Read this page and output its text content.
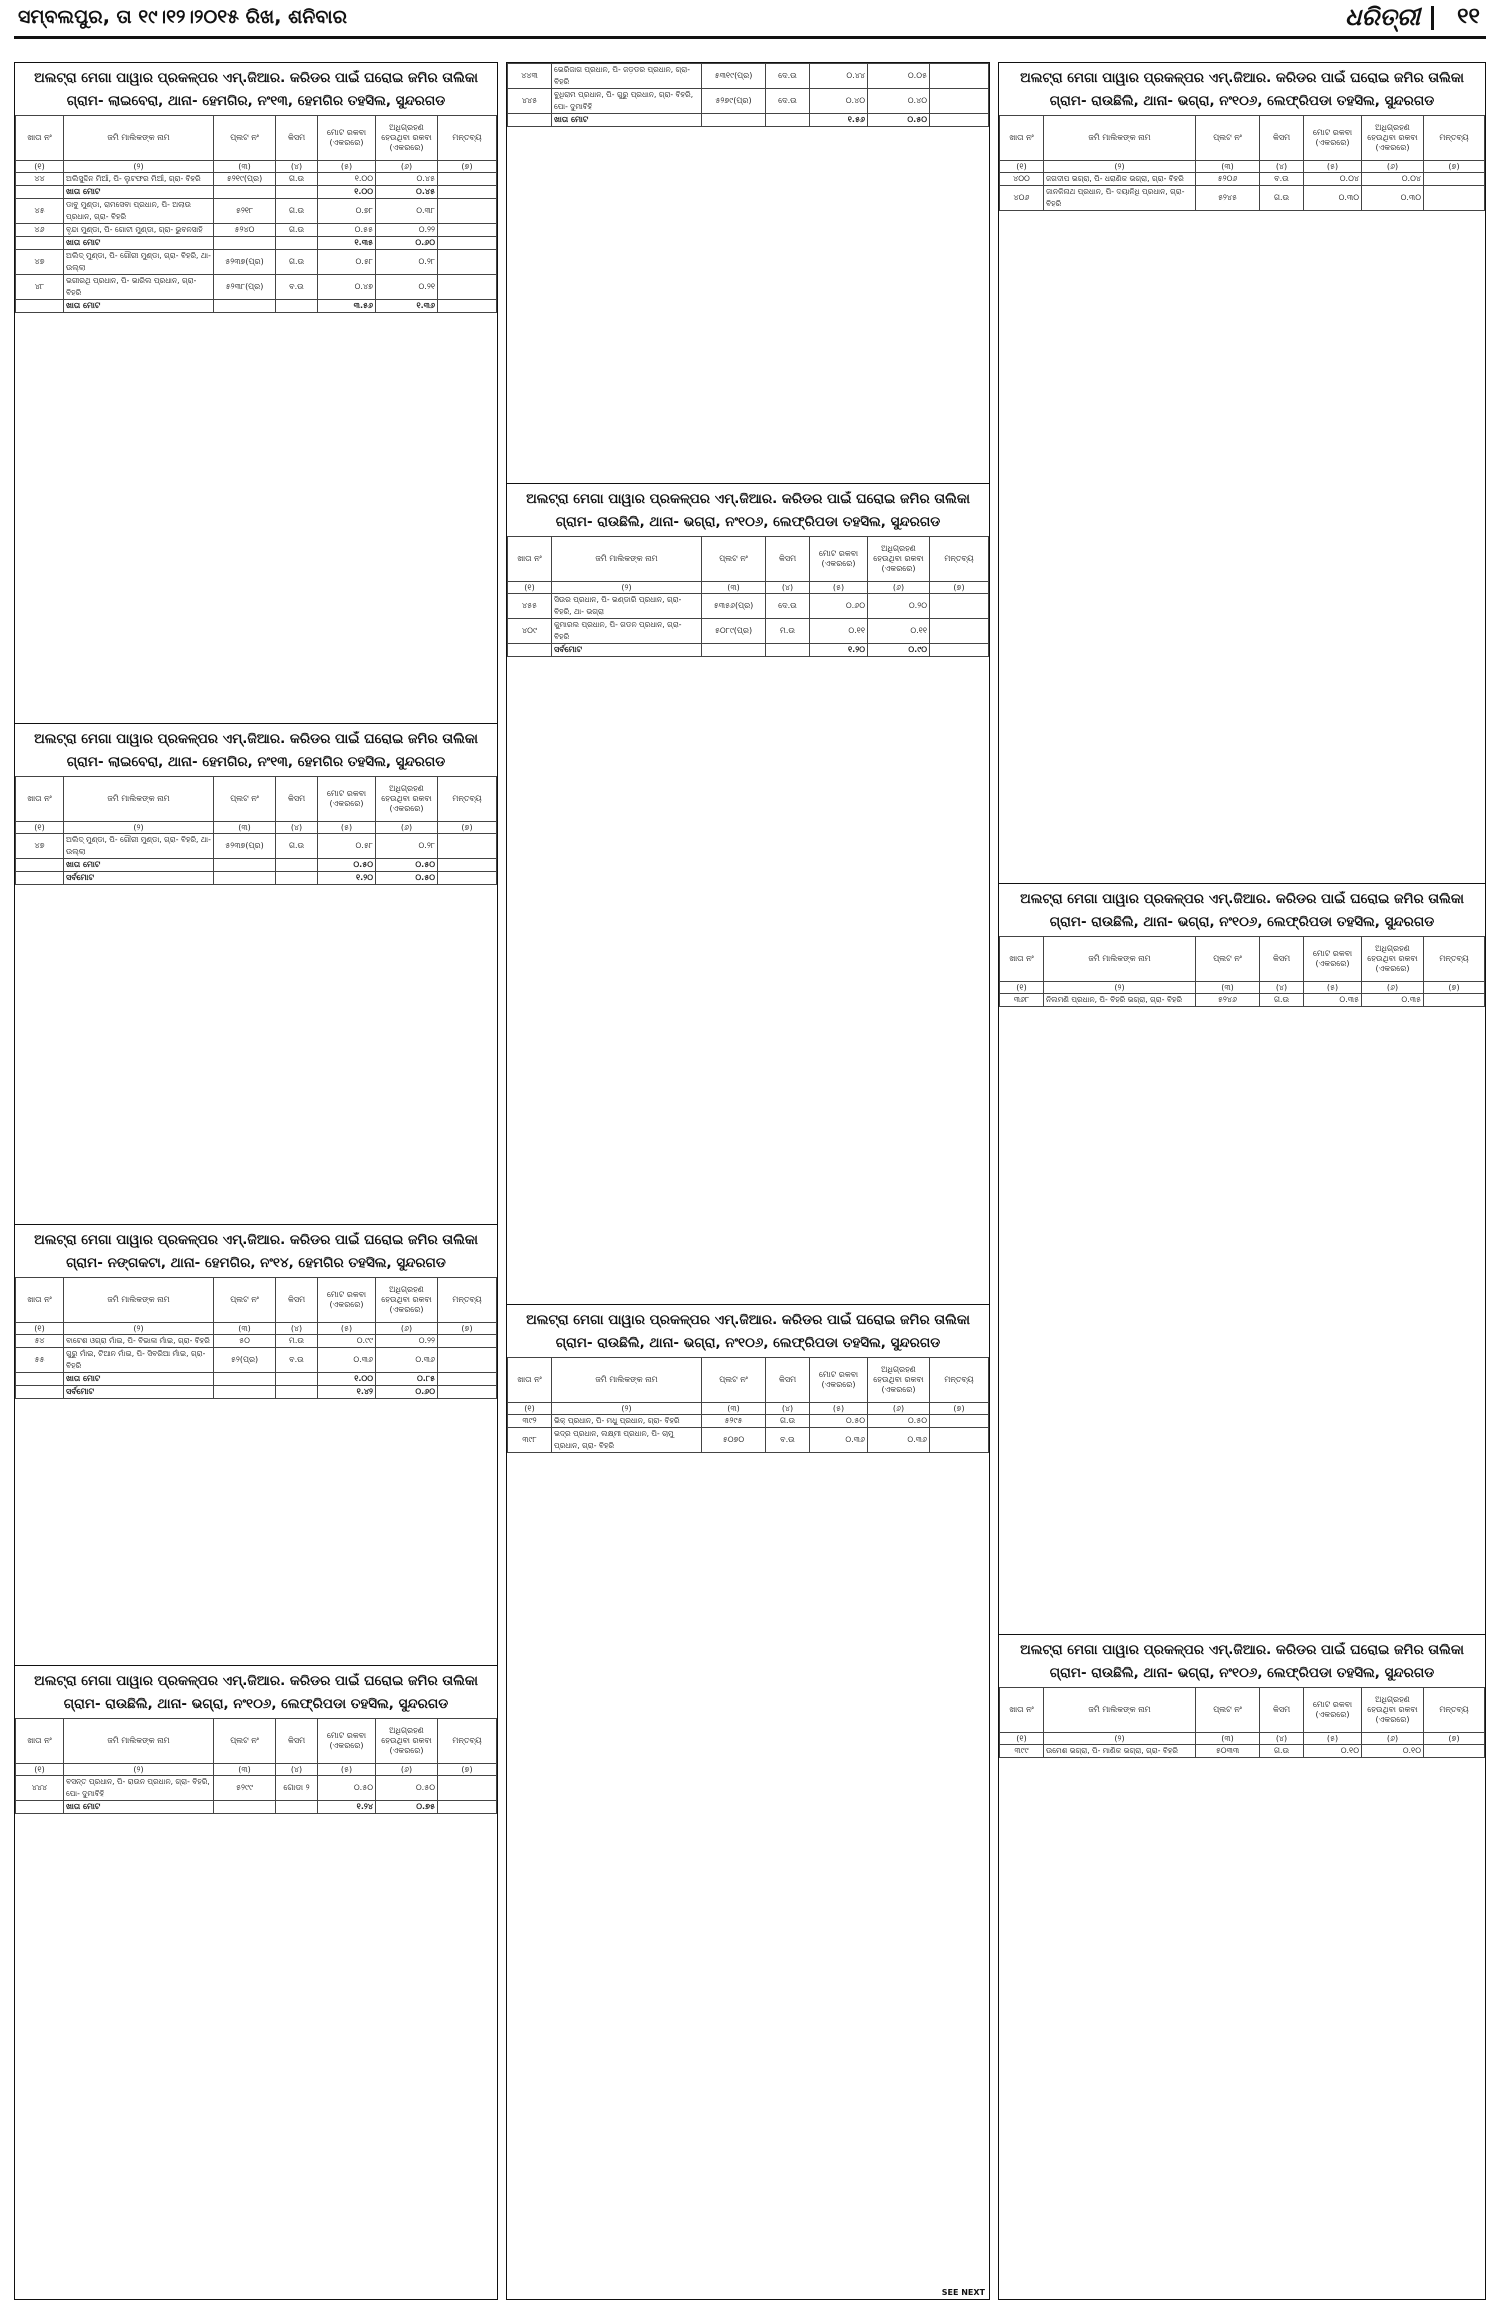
ସମ୍ବଲପୁର, ତା ୧୯।୧୨।୨୦୧୫ ରିଖ, ଶନିବାର	ଧରିତ୍ରୀ ୧୧
ଅଲଟ୍ରା ମେଗା ପାୱାର ପ୍ରକଳ୍ପର ଏମ୍.ଜିଆର. କରିଡର ପାଇଁ ଘରୋଇ ଜମିର ତାଲିକା ଗ୍ରାମ- ଲାଇବେରା, ଥାନା- ହେମଗିର, ନଂ୧୩, ହେମଗିର ତହସିଲ, ସୁନ୍ଦରଗଡ
ଖାତା ନଂ	ଜମି ମାଲିକଙ୍କ ନାମ	ପ୍ଲଟ ନଂ	କିସମ	ମୋଟ ରକବା (ଏକରରେ)	ଅଧିଗ୍ରହଣ ହେଉଥିବା ରକବା (ଏକରରେ)	ମନ୍ତବ୍ୟ
(୧)	(୨)	(୩)	(୪)	(୫)	(୬)	(୭)
୪୪	ଅଲିସୁଦ୍ଦିନ ମିଆଁ, ପି- ଲୁଟଫର ମିଆଁ, ଗ୍ରା- ବିହରି	୫୨୧୯(ପ୍ର)	ଗ.ଉ	୧.୦୦	୦.୪୫	
	ଖାତା ମୋଟ			୧.୦୦	୦.୪୫	
୪୫	ଡାବୁ ମୁଣ୍ଡା, ରାମସେବା ପ୍ରଧାନ, ପି- ଅଲାଉ ପ୍ରଧାନ, ଗ୍ରା- ବିହରି	୫୨୧୮	ଗ.ଉ	୦.୭୮	୦.୩୮	
୪୬	ବୃନ୍ଦା ମୁଣ୍ଡା, ପି- ଗୋଟୀ ମୁଣ୍ଡା, ଗ୍ରା- ଭୁବନସାହି	୫୨୪୦	ଗ.ଉ	୦.୫୫	୦.୨୨	
	ଖାତା ମୋଟ			୧.୩୫	୦.୬୦	
୪୭	ଅଲିଦ୍ ମୁଣ୍ଡା, ପି- ଗୌରୀ ମୁଣ୍ଡା, ଗ୍ରା- ବିହରି, ଥା- ଉଲ୍ଲା	୫୨୩୭(ପ୍ର)	ଗ.ଉ	୦.୫୮	୦.୨୮	
୪୮	ଭଗୀରଥି ପ୍ରଧାନ, ପି- ଭାରିଲ ପ୍ରଧାନ, ଗ୍ରା- ବିହରି	୫୨୩୮(ପ୍ର)	ବ.ଉ	୦.୪୭	୦.୨୧	
	ଖାତା ମୋଟ			୩.୫୬	୧.୩୬	
ଅଲଟ୍ରା ମେଗା ପାୱାର ପ୍ରକଳ୍ପର ଏମ୍.ଜିଆର. କରିଡର ପାଇଁ ଘରୋଇ ଜମିର ତାଲିକା ଗ୍ରାମ- ଲାଇବେରା, ଥାନା- ହେମଗିର, ନଂ୧୩, ହେମଗିର ତହସିଲ, ସୁନ୍ଦରଗଡ
ଖାତା ନଂ	ଜମି ମାଲିକଙ୍କ ନାମ	ପ୍ଲଟ ନଂ	କିସମ	ମୋଟ ରକବା (ଏକରରେ)	ଅଧିଗ୍ରହଣ ହେଉଥିବା ରକବା (ଏକରରେ)	ମନ୍ତବ୍ୟ
(୧)	(୨)	(୩)	(୪)	(୫)	(୬)	(୭)
୪୭	ଅଲିଦ୍ ମୁଣ୍ଡା, ପି- ଗୌରୀ ମୁଣ୍ଡା, ଗ୍ରା- ବିହରି, ଥା- ଉଲ୍ଲା	୫୨୩୭(ପ୍ର)	ଗ.ଉ	୦.୫୮	୦.୨୮	
	ଖାତା ମୋଟ			୦.୫୦	୦.୫୦	
	ସର୍ବମୋଟ			୧.୨୦	୦.୫୦	
ଅଲଟ୍ରା ମେଗା ପାୱାର ପ୍ରକଳ୍ପର ଏମ୍.ଜିଆର. କରିଡର ପାଇଁ ଘରୋଇ ଜମିର ତାଲିକା ଗ୍ରାମ- ନଙ୍ଗକଟା, ଥାନା- ହେମଗିର, ନଂ୧୪, ହେମଗିର ତହସିଲ, ସୁନ୍ଦରଗଡ
ଖାତା ନଂ	ଜମି ମାଲିକଙ୍କ ନାମ	ପ୍ଲଟ ନଂ	କିସମ	ମୋଟ ରକବା (ଏକରରେ)	ଅଧିଗ୍ରହଣ ହେଉଥିବା ରକବା (ଏକରରେ)	ମନ୍ତବ୍ୟ
(୧)	(୨)	(୩)	(୪)	(୫)	(୬)	(୭)
୫୪	ବାଟେଶ ଓଗ୍ରା ମାଁଇ, ପି- ବିଭାଳା ମାଁଇ, ଗ୍ରା- ବିହରି	୫୦	ମ.ଉ	୦.୯୯	୦.୨୨	
୫୫	ଗୁରୁ ମାଁଇ, ଟିଆନ ମାଁଇ, ପି- ସିବରିଆ ମାଁଇ, ଗ୍ରା- ବିହରି	୫୨(ପ୍ର)	ବ.ଉ	୦.୩୬	୦.୩୬	
	ଖାତା ମୋଟ			୧.୦୦	୦.୮୫	
	ସର୍ବମୋଟ			୧.୪୨	୦.୬୦	
ଅଲଟ୍ରା ମେଗା ପାୱାର ପ୍ରକଳ୍ପର ଏମ୍.ଜିଆର. କରିଡର ପାଇଁ ଘରୋଇ ଜମିର ତାଲିକା ଗ୍ରାମ- ରାଉଛିଲି, ଥାନା- ଭଗ୍ରା, ନଂ୧୦୬, ଲେଫ୍ରିପଡା ତହସିଲ, ସୁନ୍ଦରଗଡ
ଖାତା ନଂ	ଜମି ମାଲିକଙ୍କ ନାମ	ପ୍ଲଟ ନଂ	କିସମ	ମୋଟ ରକବା (ଏକରରେ)	ଅଧିଗ୍ରହଣ ହେଉଥିବା ରକବା (ଏକରରେ)	ମନ୍ତବ୍ୟ
(୧)	(୨)	(୩)	(୪)	(୫)	(୬)	(୭)
୪୪୪	ବସନ୍ତ ପ୍ରଧାନ, ପି- ରାଉନ ପ୍ରଧାନ, ଗ୍ରା- ବିହରି, ପୋ- ଦୁମାବିହି	୫୨୯୯	ଗୋଡା ୨	୦.୫୦	୦.୫୦	
	ଖାତା ମୋଟ			୧.୨୪	୦.୭୫	
୪୪୩	ଭେରିଜାଗ ପ୍ରଧାନ, ପି- ଜଡ଼ଡର ପ୍ରଧାନ, ଗ୍ରା- ବିହରି	୫୩୧୯(ପ୍ର)	ଦେ.ଉ	୦.୪୪	୦.୦୫	
୪୪୫	ବୁଧିରାମ ପ୍ରଧାନ, ପି- ଗୁରୁ ପ୍ରଧାନ, ଗ୍ରା- ବିହରି, ପୋ- ଦୁମାବିହି	୫୨୭୯(ପ୍ର)	ଦେ.ଉ	୦.୪୦	୦.୪୦	
	ଖାତା ମୋଟ			୧.୫୬	୦.୫୦	
ଅଲଟ୍ରା ମେଗା ପାୱାର ପ୍ରକଳ୍ପର ଏମ୍.ଜିଆର. କରିଡର ପାଇଁ ଘରୋଇ ଜମିର ତାଲିକା ଗ୍ରାମ- ରାଉଛିଲି, ଥାନା- ଭଗ୍ରା, ନଂ୧୦୬, ଲେଫ୍ରିପଡା ତହସିଲ, ସୁନ୍ଦରଗଡ
ଖାତା ନଂ	ଜମି ମାଲିକଙ୍କ ନାମ	ପ୍ଲଟ ନଂ	କିସମ	ମୋଟ ରକବା (ଏକରରେ)	ଅଧିଗ୍ରହଣ ହେଉଥିବା ରକବା (ଏକରରେ)	ମନ୍ତବ୍ୟ
(୧)	(୨)	(୩)	(୪)	(୫)	(୬)	(୭)
୪୫୫	ସିଉର ପ୍ରଧାନ, ପି- ଭଣ୍ଡାରି ପ୍ରଧାନ, ଗ୍ରା- ବିହରି, ଥା- ଭଗ୍ରା	୫୩୫୬(ପ୍ର)	ଦେ.ଉ	୦.୬୦	୦.୨୦	
୪୦୯	କୁମାରଲ ପ୍ରଧାନ, ପି- ଗଡନ ପ୍ରଧାନ, ଗ୍ରା- ବିହରି	୫୦୮୯(ପ୍ର)	ମ.ଉ	୦.୧୧	୦.୧୧	
	ସର୍ବମୋଟ			୧.୨୦	୦.୯୦	
ଅଲଟ୍ରା ମେଗା ପାୱାର ପ୍ରକଳ୍ପର ଏମ୍.ଜିଆର. କରିଡର ପାଇଁ ଘରୋଇ ଜମିର ତାଲିକା ଗ୍ରାମ- ରାଉଛିଲି, ଥାନା- ଭଗ୍ରା, ନଂ୧୦୬, ଲେଫ୍ରିପଡା ତହସିଲ, ସୁନ୍ଦରଗଡ
ଖାତା ନଂ	ଜମି ମାଲିକଙ୍କ ନାମ	ପ୍ଲଟ ନଂ	କିସମ	ମୋଟ ରକବା (ଏକରରେ)	ଅଧିଗ୍ରହଣ ହେଉଥିବା ରକବା (ଏକରରେ)	ମନ୍ତବ୍ୟ
(୧)	(୨)	(୩)	(୪)	(୫)	(୬)	(୭)
୩୯୨	ଭିକ୍ ପ୍ରଧାନ, ପି- ମଧୁ ପ୍ରଧାନ, ଗ୍ରା- ବିହରି	୫୨୯୫	ଗ.ଉ	୦.୫୦	୦.୫୦	
୩୯୮	ଭଦ୍ର ପ୍ରଧାନ, ଲକ୍ଷ୍ମୀ ପ୍ରଧାନ, ପି- ଚାମୁ ପ୍ରଧାନ, ଗ୍ରା- ବିହରି	୫୦୭୦	ବ.ଉ	୦.୩୬	୦.୩୬	
SEE NEXT
ଅଲଟ୍ରା ମେଗା ପାୱାର ପ୍ରକଳ୍ପର ଏମ୍.ଜିଆର. କରିଡର ପାଇଁ ଘରୋଇ ଜମିର ତାଲିକା ଗ୍ରାମ- ରାଉଛିଲି, ଥାନା- ଭଗ୍ରା, ନଂ୧୦୬, ଲେଫ୍ରିପଡା ତହସିଲ, ସୁନ୍ଦରଗଡ
ଖାତା ନଂ	ଜମି ମାଲିକଙ୍କ ନାମ	ପ୍ଲଟ ନଂ	କିସମ	ମୋଟ ରକବା (ଏକରରେ)	ଅଧିଗ୍ରହଣ ହେଉଥିବା ରକବା (ଏକରରେ)	ମନ୍ତବ୍ୟ
(୧)	(୨)	(୩)	(୪)	(୫)	(୬)	(୭)
୪୦୦	ଜଗଦୀପ ଭଗ୍ରା, ପି- ଧରାଣିକ ଭଗ୍ରା, ଗ୍ରା- ବିହରି	୫୨୦୬	ବ.ଉ	୦.୦୪	୦.୦୪	
୪୦୬	ଜାନକିନାଥ ପ୍ରଧାନ, ପି- ଦୟାନିଧି ପ୍ରଧାନ, ଗ୍ରା- ବିହରି	୫୨୪୫	ଗ.ଉ	୦.୩୦	୦.୩୦	
ଅଲଟ୍ରା ମେଗା ପାୱାର ପ୍ରକଳ୍ପର ଏମ୍.ଜିଆର. କରିଡର ପାଇଁ ଘରୋଇ ଜମିର ତାଲିକା ଗ୍ରାମ- ରାଉଛିଲି, ଥାନା- ଭଗ୍ରା, ନଂ୧୦୬, ଲେଫ୍ରିପଡା ତହସିଲ, ସୁନ୍ଦରଗଡ
ଖାତା ନଂ	ଜମି ମାଲିକଙ୍କ ନାମ	ପ୍ଲଟ ନଂ	କିସମ	ମୋଟ ରକବା (ଏକରରେ)	ଅଧିଗ୍ରହଣ ହେଉଥିବା ରକବା (ଏକରରେ)	ମନ୍ତବ୍ୟ
(୧)	(୨)	(୩)	(୪)	(୫)	(୬)	(୭)
୩୬୮	ନିଲମଣି ପ୍ରଧାନ, ପି- ବିହରି ଭଗ୍ରା, ଗ୍ରା- ବିହରି	୫୨୪୬	ଗ.ଉ	୦.୩୫	୦.୩୫	
ଅଲଟ୍ରା ମେଗା ପାୱାର ପ୍ରକଳ୍ପର ଏମ୍.ଜିଆର. କରିଡର ପାଇଁ ଘରୋଇ ଜମିର ତାଲିକା ଗ୍ରାମ- ରାଉଛିଲି, ଥାନା- ଭଗ୍ରା, ନଂ୧୦୬, ଲେଫ୍ରିପଡା ତହସିଲ, ସୁନ୍ଦରଗଡ
ଖାତା ନଂ	ଜମି ମାଲିକଙ୍କ ନାମ	ପ୍ଲଟ ନଂ	କିସମ	ମୋଟ ରକବା (ଏକରରେ)	ଅଧିଗ୍ରହଣ ହେଉଥିବା ରକବା (ଏକରରେ)	ମନ୍ତବ୍ୟ
(୧)	(୨)	(୩)	(୪)	(୫)	(୬)	(୭)
୩୯୯	ଉମେଶ ଭଗ୍ରା, ପି- ମାଣିକ ଭଗ୍ରା, ଗ୍ରା- ବିହରି	୫୦୩୩	ଗ.ଉ	୦.୧୦	୦.୧୦	
